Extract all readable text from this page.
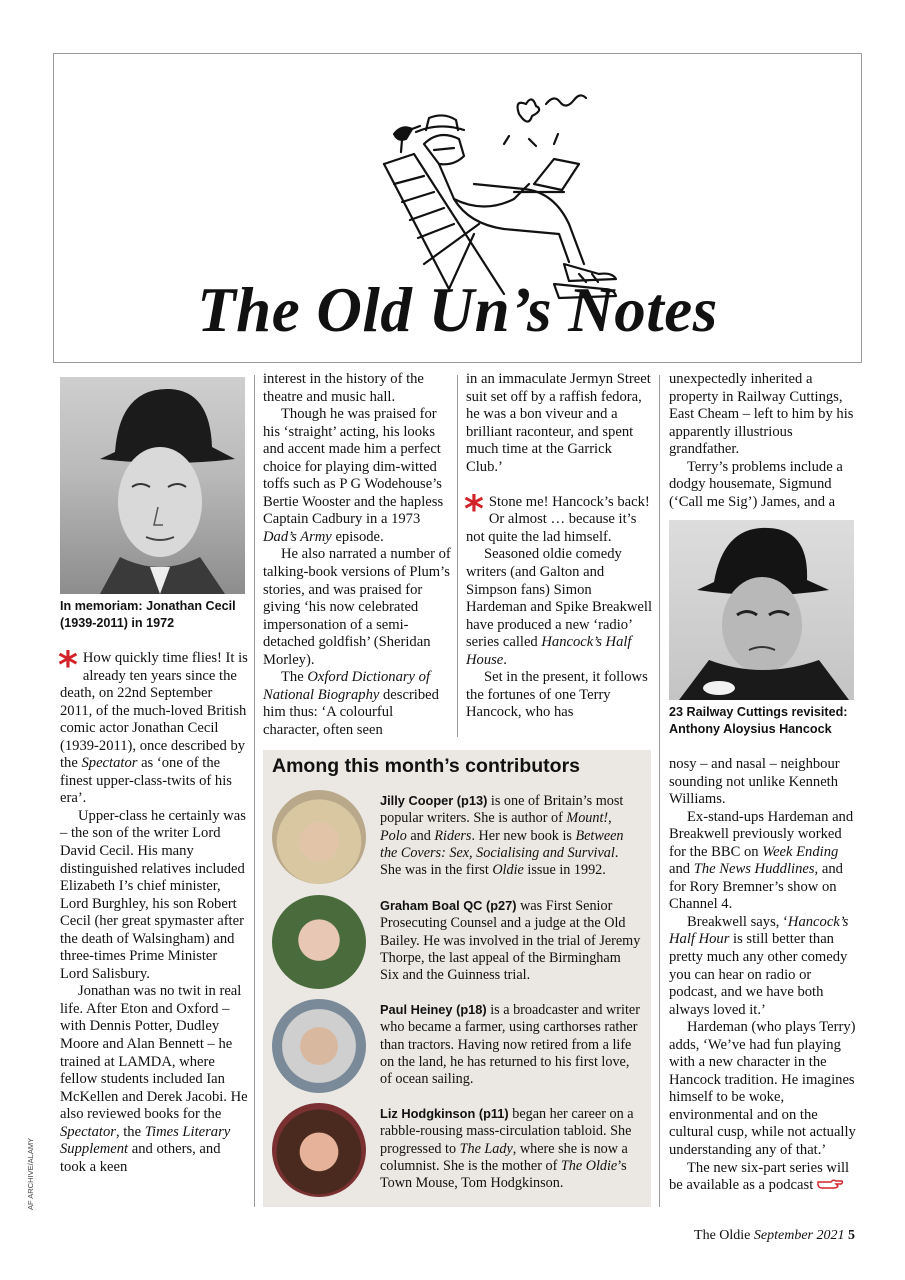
The Old Un’s Notes
In memoriam: Jonathan Cecil (1939-2011) in 1972

* How quickly time flies! It is already ten years since the death, on 22nd September 2011, of the much-loved British comic actor Jonathan Cecil (1939-2011), once described by the Spectator as ‘one of the finest upper-class-twits of his era’.

Upper-class he certainly was – the son of the writer Lord David Cecil. His many distinguished relatives included Elizabeth I’s chief minister, Lord Burghley, his son Robert Cecil (her great spymaster after the death of Walsingham) and three-times Prime Minister Lord Salisbury.

Jonathan was no twit in real life. After Eton and Oxford – with Dennis Potter, Dudley Moore and Alan Bennett – he trained at LAMDA, where fellow students included Ian McKellen and Derek Jacobi. He also reviewed books for the Spectator, the Times Literary Supplement and others, and took a keen

interest in the history of the theatre and music hall.

Though he was praised for his ‘straight’ acting, his looks and accent made him a perfect choice for playing dim-witted toffs such as P G Wodehouse’s Bertie Wooster and the hapless Captain Cadbury in a 1973 Dad’s Army episode.

He also narrated a number of talking-book versions of Plum’s stories, and was praised for giving ‘his now celebrated impersonation of a semi-detached goldfish’ (Sheridan Morley).

The Oxford Dictionary of National Biography described him thus: ‘A colourful character, often seen

in an immaculate Jermyn Street suit set off by a raffish fedora, he was a bon viveur and a brilliant raconteur, and spent much time at the Garrick Club.’

* Stone me! Hancock’s back! Or almost … because it’s not quite the lad himself.

Seasoned oldie comedy writers (and Galton and Simpson fans) Simon Hardeman and Spike Breakwell have produced a new ‘radio’ series called Hancock’s Half House.

Set in the present, it follows the fortunes of one Terry Hancock, who has

unexpectedly inherited a property in Railway Cuttings, East Cheam – left to him by his apparently illustrious grandfather.

Terry’s problems include a dodgy housemate, Sigmund (‘Call me Sig’) James, and a

23 Railway Cuttings revisited: Anthony Aloysius Hancock

nosy – and nasal – neighbour sounding not unlike Kenneth Williams.

Ex-stand-ups Hardeman and Breakwell previously worked for the BBC on Week Ending and The News Huddlines, and for Rory Bremner’s show on Channel 4.

Breakwell says, ‘Hancock’s Half Hour is still better than pretty much any other comedy you can hear on radio or podcast, and we have both always loved it.’

Hardeman (who plays Terry) adds, ‘We’ve had fun playing with a new character in the Hancock tradition. He imagines himself to be woke, environmental and on the cultural cusp, while not actually understanding any of that.’

The new six-part series will be available as a podcast

Among this month’s contributors
Jilly Cooper (p13) is one of Britain’s most popular writers. She is author of Mount!, Polo and Riders. Her new book is Between the Covers: Sex, Socialising and Survival. She was in the first Oldie issue in 1992.
Graham Boal QC (p27) was First Senior Prosecuting Counsel and a judge at the Old Bailey. He was involved in the trial of Jeremy Thorpe, the last appeal of the Birmingham Six and the Guinness trial.
Paul Heiney (p18) is a broadcaster and writer who became a farmer, using carthorses rather than tractors. Having now retired from a life on the land, he has returned to his first love, of ocean sailing.
Liz Hodgkinson (p11) began her career on a rabble-rousing mass-circulation tabloid. She progressed to The Lady, where she is now a columnist. She is the mother of The Oldie’s Town Mouse, Tom Hodgkinson.
AF ARCHIVE/ALAMY
The Oldie September 2021 5
